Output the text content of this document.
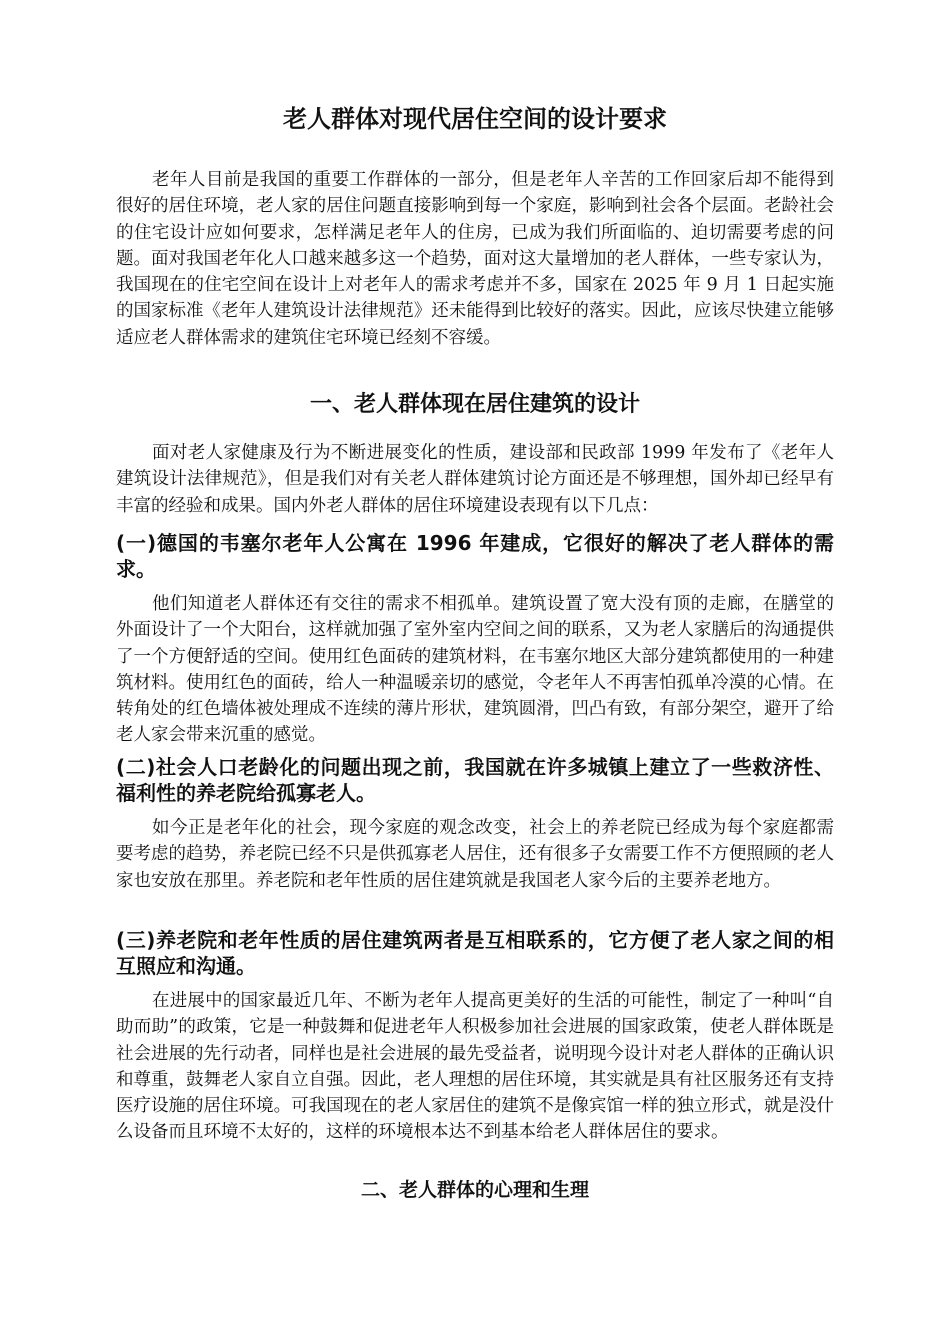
老人群体对现代居住空间的设计要求

老年人目前是我国的重要工作群体的一部分，但是老年人辛苦的工作回家后却不能得到很好的居住环境，老人家的居住问题直接影响到每一个家庭，影响到社会各个层面。老龄社会的住宅设计应如何要求，怎样满足老年人的住房，已成为我们所面临的、迫切需要考虑的问题。面对我国老年化人口越来越多这一个趋势，面对这大量增加的老人群体，一些专家认为，我国现在的住宅空间在设计上对老年人的需求考虑并不多，国家在 2025 年 9 月 1 日起实施的国家标准《老年人建筑设计法律规范》还未能得到比较好的落实。因此，应该尽快建立能够适应老人群体需求的建筑住宅环境已经刻不容缓。

一、老人群体现在居住建筑的设计

面对老人家健康及行为不断进展变化的性质，建设部和民政部 1999 年发布了《老年人建筑设计法律规范》，但是我们对有关老人群体建筑讨论方面还是不够理想，国外却已经早有丰富的经验和成果。国内外老人群体的居住环境建设表现有以下几点：

(一)德国的韦塞尔老年人公寓在 1996 年建成，它很好的解决了老人群体的需求。

他们知道老人群体还有交往的需求不相孤单。建筑设置了宽大没有顶的走廊，在膳堂的外面设计了一个大阳台，这样就加强了室外室内空间之间的联系，又为老人家膳后的沟通提供了一个方便舒适的空间。使用红色面砖的建筑材料，在韦塞尔地区大部分建筑都使用的一种建筑材料。使用红色的面砖，给人一种温暖亲切的感觉，令老年人不再害怕孤单冷漠的心情。在转角处的红色墙体被处理成不连续的薄片形状，建筑圆滑，凹凸有致，有部分架空，避开了给老人家会带来沉重的感觉。

(二)社会人口老龄化的问题出现之前，我国就在许多城镇上建立了一些救济性、福利性的养老院给孤寡老人。

如今正是老年化的社会，现今家庭的观念改变，社会上的养老院已经成为每个家庭都需要考虑的趋势，养老院已经不只是供孤寡老人居住，还有很多子女需要工作不方便照顾的老人家也安放在那里。养老院和老年性质的居住建筑就是我国老人家今后的主要养老地方。

(三)养老院和老年性质的居住建筑两者是互相联系的，它方便了老人家之间的相互照应和沟通。

在进展中的国家最近几年、不断为老年人提高更美好的生活的可能性，制定了一种叫“自助而助”的政策，它是一种鼓舞和促进老年人积极参加社会进展的国家政策，使老人群体既是社会进展的先行动者，同样也是社会进展的最先受益者，说明现今设计对老人群体的正确认识和尊重，鼓舞老人家自立自强。因此，老人理想的居住环境，其实就是具有社区服务还有支持医疗设施的居住环境。可我国现在的老人家居住的建筑不是像宾馆一样的独立形式，就是没什么设备而且环境不太好的，这样的环境根本达不到基本给老人群体居住的要求。

二、老人群体的心理和生理
